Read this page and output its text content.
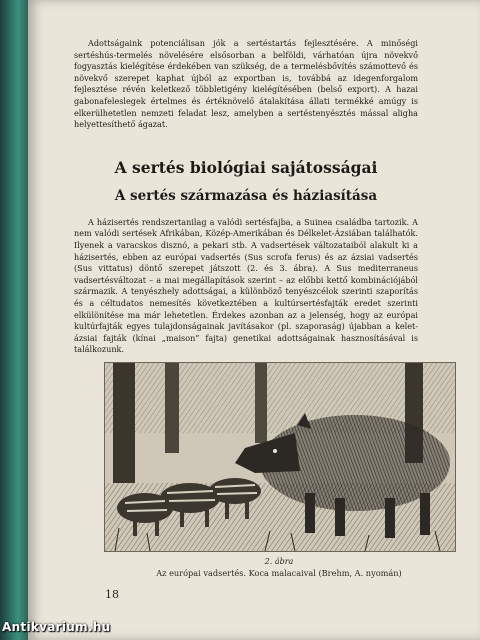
Adottságaink potenciálisan jók a sertéstartás fejlesztésére. A minőségi sertéshús-termelés növelésére elsősorban a belföldi, várhatóan újra növekvő fogyasztás kielégítése érdekében van szükség, de a termelésbővítés számottevő és növekvő szerepet kaphat újból az exportban is, továbbá az idegenforgalom fejlesztése révén keletkező többletigény kielégítésében (belső export). A hazai gabonafeleslegek értelmes és értéknövelő átalakítása állati termékké amúgy is elkerülhetetlen nemzeti feladat lesz, amelyben a sertéstenyésztés mással aligha helyettesíthető ágazat.

A sertés biológiai sajátosságai
A sertés származása és háziasítása

A házisertés rendszertanilag a valódi sertésfajba, a Suinea családba tartozik. A nem valódi sertések Afrikában, Közép-Amerikában és Délkelet-Ázsiában találhatók. Ilyenek a varacskos disznó, a pekari stb. A vadsertések változataiból alakult ki a házisertés, ebben az európai vadsertés (Sus scrofa ferus) és az ázsiai vadsertés (Sus vittatus) döntő szerepet játszott (2. és 3. ábra). A Sus mediterraneus vadsertésváltozat – a mai megállapítások szerint – az előbbi kettő kombinációjából származik. A tenyészhely adottságai, a különböző tenyészcélok szerinti szaporítás és a céltudatos nemesítés következtében a kultúrsertésfajták eredet szerinti elkülönítése ma már lehetetlen. Érdekes azonban az a jelenség, hogy az európai kultúrfajták egyes tulajdonságainak javításakor (pl. szaporaság) újabban a kelet-ázsiai fajták (kínai „maison” fajta) genetikai adottságainak hasznosításával is találkozunk.

2. ábra
Az európai vadsertés. Koca malacaival (Brehm, A. nyomán)
18
Antikvarium.hu
